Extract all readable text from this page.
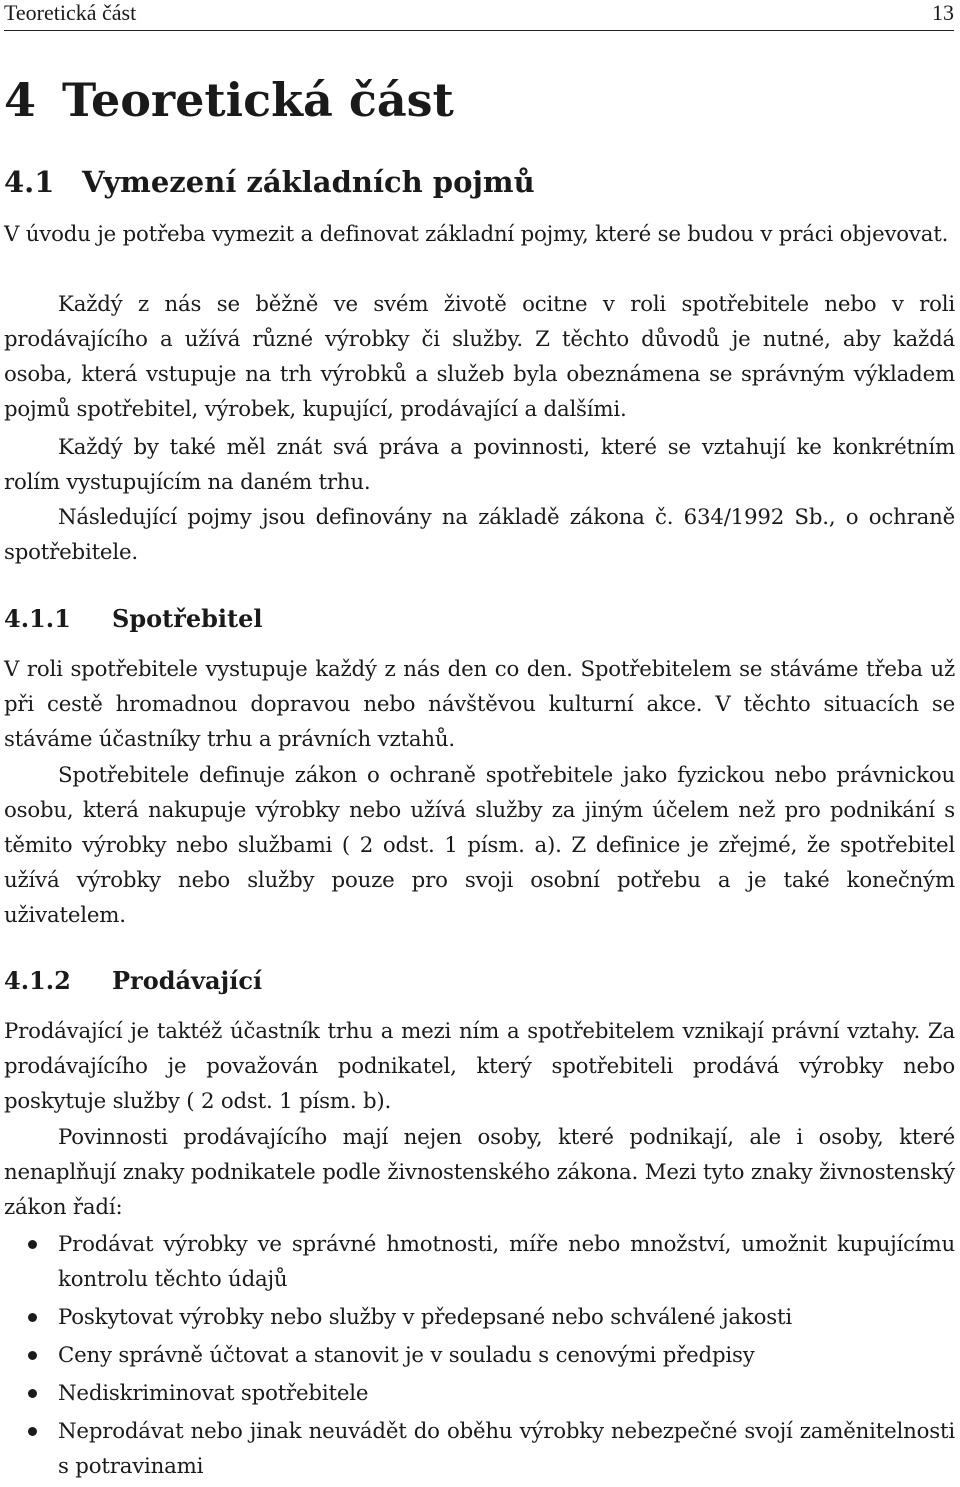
Teoretická část	13
4 Teoretická část
4.1 Vymezení základních pojmů

V úvodu je potřeba vymezit a definovat základní pojmy, které se budou v práci objevovat.

Každý z nás se běžně ve svém životě ocitne v roli spotřebitele nebo v roli prodávajícího a užívá různé výrobky či služby. Z těchto důvodů je nutné, aby každá osoba, která vstupuje na trh výrobků a služeb byla obeznámena se správným výkladem pojmů spotřebitel, výrobek, kupující, prodávající a dalšími.

Každý by také měl znát svá práva a povinnosti, které se vztahují ke konkrétním rolím vystupujícím na daném trhu.

Následující pojmy jsou definovány na základě zákona č. 634/1992 Sb., o ochraně spotřebitele.

4.1.1 Spotřebitel

V roli spotřebitele vystupuje každý z nás den co den. Spotřebitelem se stáváme třeba už při cestě hromadnou dopravou nebo návštěvou kulturní akce. V těchto situacích se stáváme účastníky trhu a právních vztahů.

Spotřebitele definuje zákon o ochraně spotřebitele jako fyzickou nebo právnickou osobu, která nakupuje výrobky nebo užívá služby za jiným účelem než pro podnikání s těmito výrobky nebo službami ( 2 odst. 1 písm. a). Z definice je zřejmé, že spotřebitel užívá výrobky nebo služby pouze pro svoji osobní potřebu a je také konečným uživatelem.

4.1.2 Prodávající

Prodávající je taktéž účastník trhu a mezi ním a spotřebitelem vznikají právní vztahy. Za prodávajícího je považován podnikatel, který spotřebiteli prodává výrobky nebo poskytuje služby ( 2 odst. 1 písm. b).

Povinnosti prodávajícího mají nejen osoby, které podnikají, ale i osoby, které nenaplňují znaky podnikatele podle živnostenského zákona. Mezi tyto znaky živnostenský zákon řadí:

Prodávat výrobky ve správné hmotnosti, míře nebo množství, umožnit kupujícímu kontrolu těchto údajů
Poskytovat výrobky nebo služby v předepsané nebo schválené jakosti
Ceny správně účtovat a stanovit je v souladu s cenovými předpisy
Nediskriminovat spotřebitele
Neprodávat nebo jinak neuvádět do oběhu výrobky nebezpečné svojí zaměnitelnosti s potravinami
